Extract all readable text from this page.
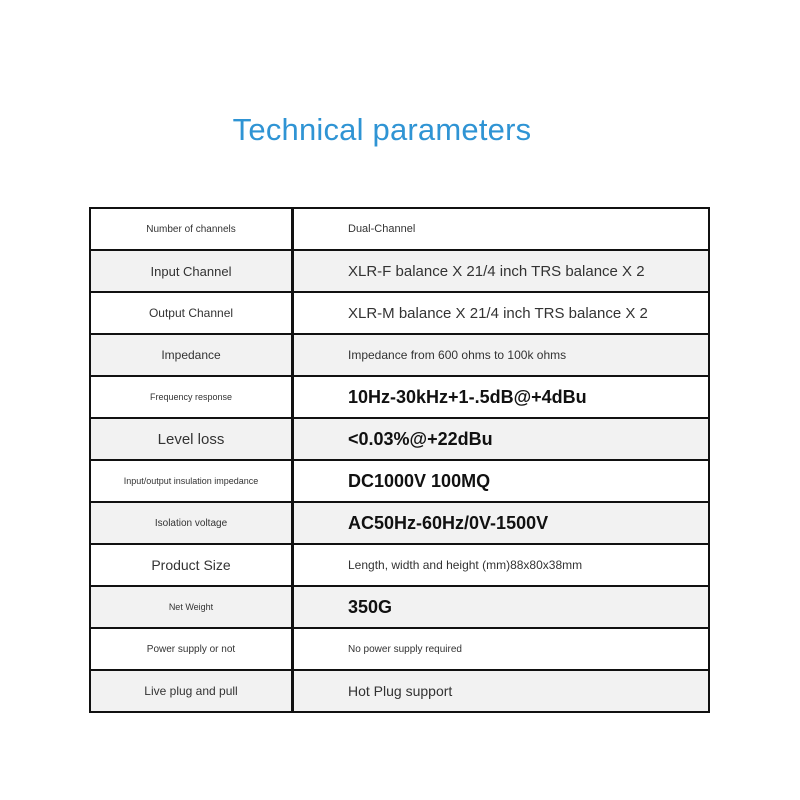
Technical parameters
Number of channels	Dual-Channel
Input Channel	XLR-F balance X 21/4 inch TRS balance X 2
Output Channel	XLR-M balance X 21/4 inch TRS balance X 2
Impedance	Impedance from 600 ohms to 100k ohms
Frequency response	10Hz-30kHz+1-.5dB@+4dBu
Level loss	<0.03%@+22dBu
Input/output insulation impedance	DC1000V 100MQ
Isolation voltage	AC50Hz-60Hz/0V-1500V
Product Size	Length, width and height (mm)88x80x38mm
Net Weight	350G
Power supply or not	No power supply required
Live plug and pull	Hot Plug support
